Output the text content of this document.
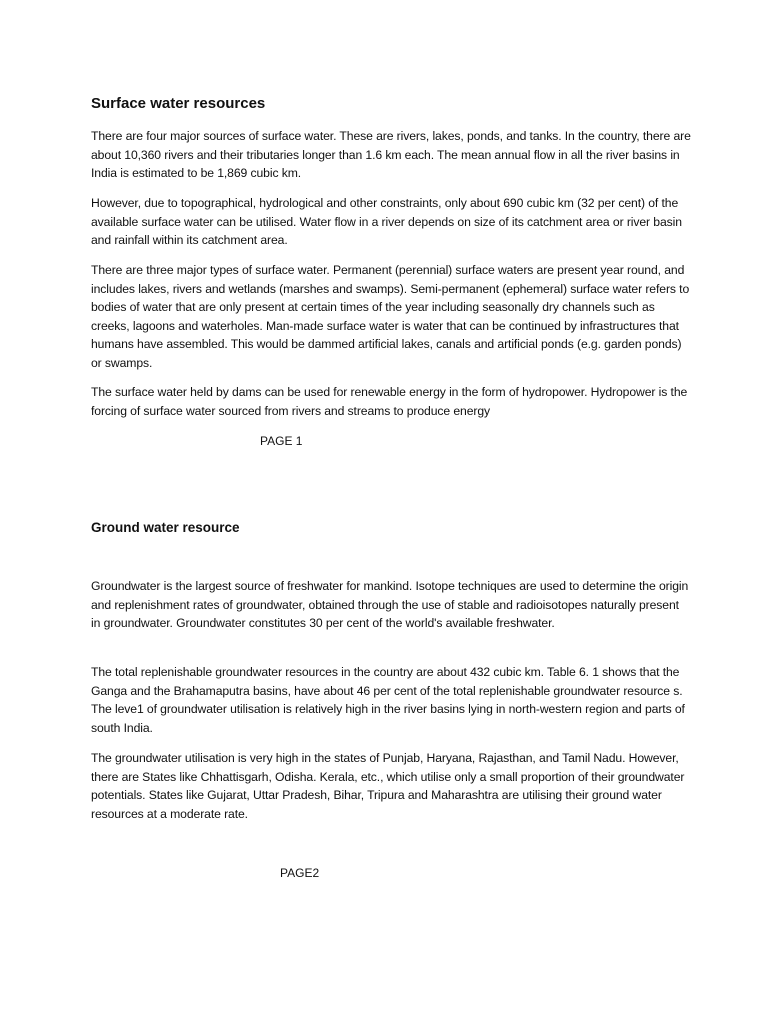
Surface water resources

There are four major sources of surface water. These are rivers, lakes, ponds, and tanks. In the country, there are about 10,360 rivers and their tributaries longer than 1.6 km each. The mean annual flow in all the river basins in India is estimated to be 1,869 cubic km.

However, due to topographical, hydrological and other constraints, only about 690 cubic km (32 per cent) of the available surface water can be utilised. Water flow in a river depends on size of its catchment area or river basin and rainfall within its catchment area.

There are three major types of surface water. Permanent (perennial) surface waters are present year round, and includes lakes, rivers and wetlands (marshes and swamps). Semi-permanent (ephemeral) surface water refers to bodies of water that are only present at certain times of the year including seasonally dry channels such as creeks, lagoons and waterholes. Man-made surface water is water that can be continued by infrastructures that humans have assembled. This would be dammed artificial lakes, canals and artificial ponds (e.g. garden ponds) or swamps.

The surface water held by dams can be used for renewable energy in the form of hydropower. Hydropower is the forcing of surface water sourced from rivers and streams to produce energy

PAGE 1

Ground water resource

Groundwater is the largest source of freshwater for mankind. Isotope techniques are used to determine the origin and replenishment rates of groundwater, obtained through the use of stable and radioisotopes naturally present in groundwater. Groundwater constitutes 30 per cent of the world's available freshwater.

The total replenishable groundwater resources in the country are about 432 cubic km. Table 6. 1 shows that the Ganga and the Brahamaputra basins, have about 46 per cent of the total replenishable groundwater resource s. The leve1 of groundwater utilisation is relatively high in the river basins lying in north-western region and parts of south India.

The groundwater utilisation is very high in the states of Punjab, Haryana, Rajasthan, and Tamil Nadu. However, there are States like Chhattisgarh, Odisha. Kerala, etc., which utilise only a small proportion of their groundwater potentials. States like Gujarat, Uttar Pradesh, Bihar, Tripura and Maharashtra are utilising their ground water resources at a moderate rate.

PAGE2
